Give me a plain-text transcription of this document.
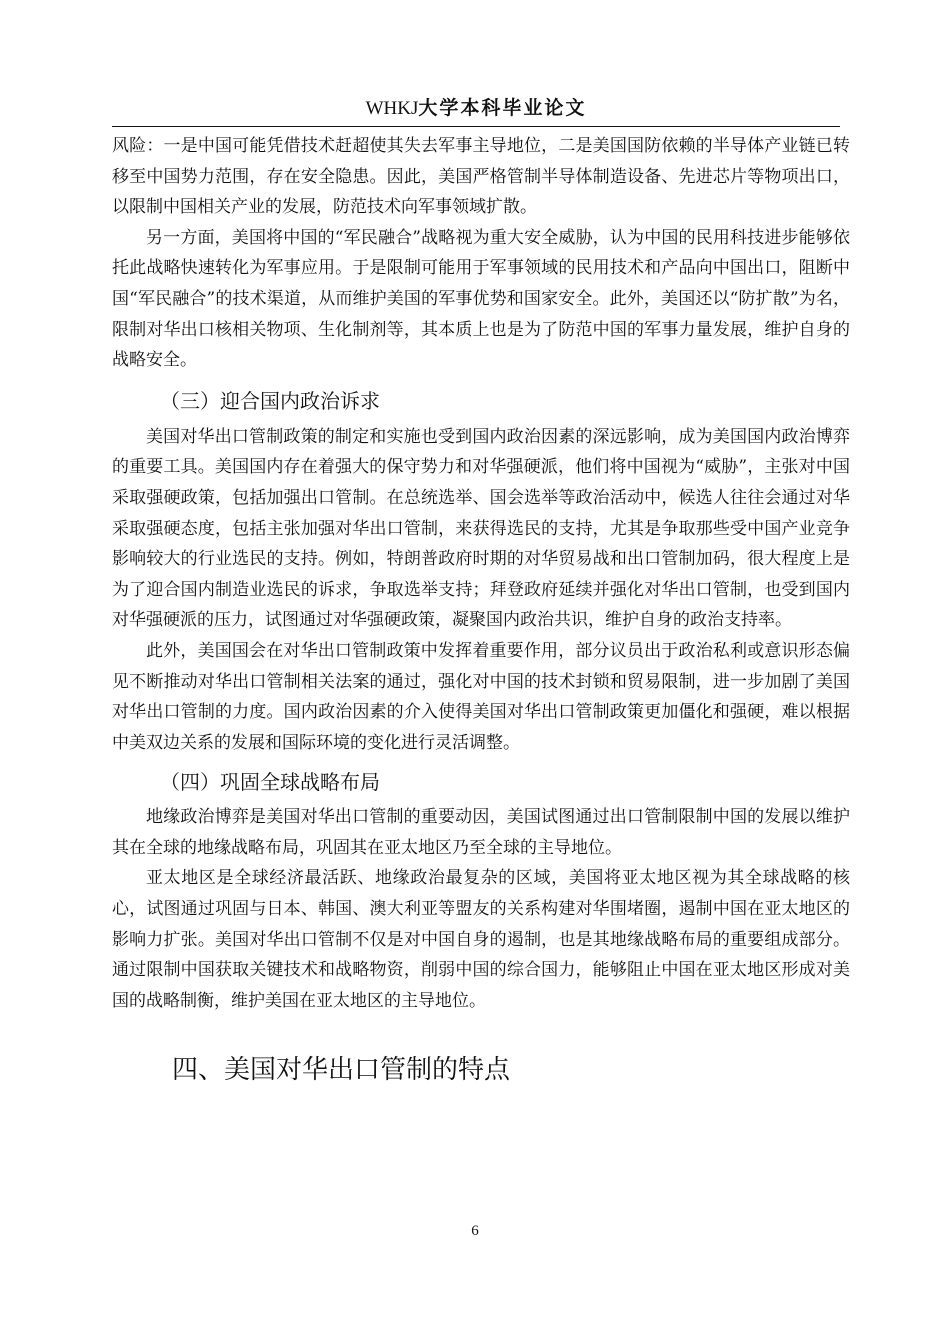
WHKJ大学本科毕业论文

风险：一是中国可能凭借技术赶超使其失去军事主导地位，二是美国国防依赖的半导体产业链已转移至中国势力范围，存在安全隐患。因此，美国严格管制半导体制造设备、先进芯片等物项出口，以限制中国相关产业的发展，防范技术向军事领域扩散。

另一方面，美国将中国的“军民融合”战略视为重大安全威胁，认为中国的民用科技进步能够依托此战略快速转化为军事应用。于是限制可能用于军事领域的民用技术和产品向中国出口，阻断中国“军民融合”的技术渠道，从而维护美国的军事优势和国家安全。此外，美国还以“防扩散”为名，限制对华出口核相关物项、生化制剂等，其本质上也是为了防范中国的军事力量发展，维护自身的战略安全。

（三）迎合国内政治诉求

美国对华出口管制政策的制定和实施也受到国内政治因素的深远影响，成为美国国内政治博弈的重要工具。美国国内存在着强大的保守势力和对华强硬派，他们将中国视为“威胁”，主张对中国采取强硬政策，包括加强出口管制。在总统选举、国会选举等政治活动中，候选人往往会通过对华采取强硬态度，包括主张加强对华出口管制，来获得选民的支持，尤其是争取那些受中国产业竞争影响较大的行业选民的支持。例如，特朗普政府时期的对华贸易战和出口管制加码，很大程度上是为了迎合国内制造业选民的诉求，争取选举支持；拜登政府延续并强化对华出口管制，也受到国内对华强硬派的压力，试图通过对华强硬政策，凝聚国内政治共识，维护自身的政治支持率。

此外，美国国会在对华出口管制政策中发挥着重要作用，部分议员出于政治私利或意识形态偏见不断推动对华出口管制相关法案的通过，强化对中国的技术封锁和贸易限制，进一步加剧了美国对华出口管制的力度。国内政治因素的介入使得美国对华出口管制政策更加僵化和强硬，难以根据中美双边关系的发展和国际环境的变化进行灵活调整。

（四）巩固全球战略布局

地缘政治博弈是美国对华出口管制的重要动因，美国试图通过出口管制限制中国的发展以维护其在全球的地缘战略布局，巩固其在亚太地区乃至全球的主导地位。

亚太地区是全球经济最活跃、地缘政治最复杂的区域，美国将亚太地区视为其全球战略的核心，试图通过巩固与日本、韩国、澳大利亚等盟友的关系构建对华围堵圈，遏制中国在亚太地区的影响力扩张。美国对华出口管制不仅是对中国自身的遏制，也是其地缘战略布局的重要组成部分。通过限制中国获取关键技术和战略物资，削弱中国的综合国力，能够阻止中国在亚太地区形成对美国的战略制衡，维护美国在亚太地区的主导地位。

四、美国对华出口管制的特点
6
